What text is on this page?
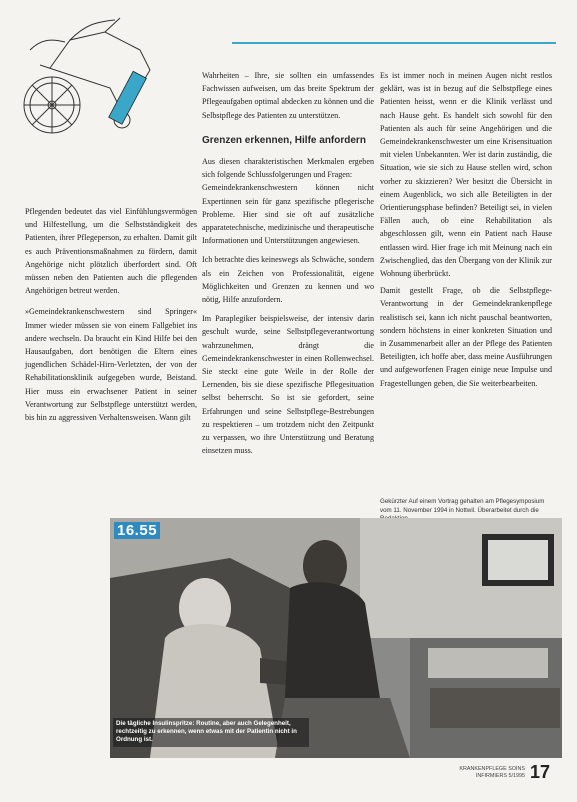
Pflegenden bedeutet das viel Einfühlungsvermögen und Hilfestellung, um die Selbstständigkeit des Patienten, ihrer Pflegeperson, zu erhalten. Damit gilt es auch Präventionsmaßnahmen zu fördern, damit Angehörige nicht plötzlich überfordert sind. Oft müssen neben den Patienten auch die pflegenden Angehörigen betreut werden.

»Gemeindekrankenschwestern sind Springer« Immer wieder müssen sie von einem Fallgebiet ins andere wechseln. Da braucht ein Kind Hilfe bei den Hausaufgaben, dort benötigen die Eltern eines jugendlichen Schädel-Hirn-Verletzten, der von der Rehabilitationsklinik aufgegeben wurde, Beistand. Hier muss ein erwachsener Patient in seiner Verantwortung zur Selbstpflege unterstützt werden, bis hin zu aggressiven Verhaltensweisen. Wann gilt

Wahrheiten – Ihre, sie sollten ein umfassendes Fachwissen aufweisen, um das breite Spektrum der Pflegeaufgaben optimal abdecken zu können und die Selbstpflege des Patienten zu unterstützen.

Grenzen erkennen, Hilfe anfordern

Aus diesen charakteristischen Merkmalen ergeben sich folgende Schlussfolgerungen und Fragen:

Gemeindekrankenschwestern können nicht Expertinnen sein für ganz spezifische pflegerische Probleme. Hier sind sie oft auf zusätzliche apparatetechnische, medizinische und therapeutische Informationen und Unterstützungen angewiesen.

Ich betrachte dies keineswegs als Schwäche, sondern als ein Zeichen von Professionalität, eigene Möglichkeiten und Grenzen zu kennen und wo nötig, Hilfe anzufordern.

Im Paraplegiker beispielsweise, der intensiv darin geschult wurde, seine Selbstpflegeverantwortung wahrzunehmen, drängt die Gemeindekrankenschwester in einen Rollenwechsel. Sie steckt eine gute Weile in der Rolle der Lernenden, bis sie diese spezifische Pflegesituation selbst beherrscht. So ist sie gefordert, seine Erfahrungen und seine Selbstpflege-Bestrebungen zu respektieren – um trotzdem nicht den Zeitpunkt zu verpassen, wo ihre Unterstützung und Beratung einsetzen muss.

Es ist immer noch in meinen Augen nicht restlos geklärt, was ist in bezug auf die Selbstpflege eines Patienten heisst, wenn er die Klinik verlässt und nach Hause geht. Es handelt sich sowohl für den Patienten als auch für seine Angehörigen und die Gemeindekrankenschwester um eine Krisensituation mit vielen Unbekannten. Wer ist darin zuständig, die Situation, wie sie sich zu Hause stellen wird, schon vorher zu skizzieren? Wer besitzt die Übersicht in einem Augenblick, wo sich alle Beteiligten in der Orientierungsphase befinden? Beteiligt sei, in vielen Fällen auch, ob eine Rehabilitation als abgeschlossen gilt, wenn ein Patient nach Hause entlassen wird. Hier frage ich mit Meinung nach ein Zwischenglied, das den Übergang von der Klinik zur Wohnung überbrückt.

Damit gestellt Frage, ob die Selbstpflege-Verantwortung in der Gemeindekrankenpflege realistisch sei, kann ich nicht pauschal beantworten, sondern höchstens in einer konkreten Situation und in Zusammenarbeit aller an der Pflege des Patienten Beteiligten, ich hoffe aber, dass meine Ausführungen und aufgeworfenen Fragen einige neue Impulse und Fragestellungen geben, die Sie weiterbearbeiten.

Gekürzter Auf einem Vortrag gehalten am Pflegesymposium vom 11. November 1994 in Nottwil. Überarbeitet durch die
16.55
Die tägliche Insulinspritze: Routine, aber auch Gelegenheit, rechtzeitig zu erkennen, wenn etwas mit der Patientin nicht in Ordnung ist.
KRANKENPFLEGE SOINS
INFIRMIERS 5/1995 17
